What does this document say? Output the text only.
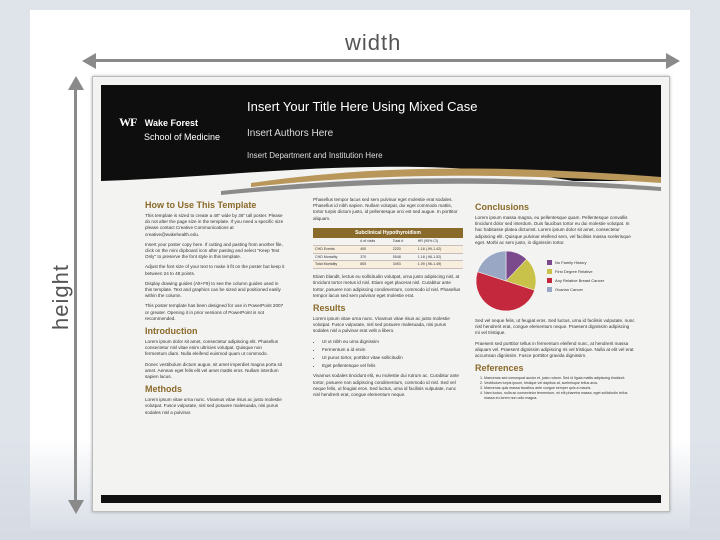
width
height
WF Wake Forest
School of Medicine
Insert Your Title Here Using Mixed Case
Insert Authors Here
Insert Department and Institution Here
How to Use This Template

This template is sized to create a 48" wide by 36" tall poster. Please do not alter the page size in the template. If you need a specific size please contact Creative Communications at creative@wakehealth.edu.

Insert your poster copy here. If cutting and pasting from another file, click on the mini clipboard icon after pasting and select "Keep Text Only" to preserve the font style in this template.

Adjust the font size of your text to make it fit on the poster but keep it between 24 to 48 points.

Display drawing guides (Alt+F9) to see the column guides used in this template. Text and graphics can be sized and positioned easily within the column.

This poster template has been designed for use in PowerPoint 2007 or greater. Opening it in prior versions of PowerPoint is not recommended.

Introduction

Lorem ipsum dolor sit amet, consectetur adipiscing elit. Phasellus consectetur nisl vitae enim ultricies volutpat. Quisque non fermentum diam. Nulla eleifend euismod quam ut commodo.

Donec vestibulum dictum augue, sit amet imperdiet magna porta sit amet. Aenean eget felis elit vel amet mattis eros. Nullam interdum sapien lacus.

Methods

Lorem ipsum vitae urna nunc. Vivamus vitae risus ac justo molestie volutpat. Fusce vulputate, nisl sed posuere malesuada, nisi purus sodales nisl a pulvinar.

Phasellus tempor lacus sed sem pulvinar eget molestie erat sodales. Phasellus id nibh sapien. Nullam volutpat, dui eget commodo mattis, tortor turpis dictum justo, id pellentesque orci est sed augue. In porttitor aliquam.

Subclinical Hypothyroidism
	# of visits	Total #	HR (95% CI)
CHD Events	400	2220	1.18 (.99-1.42)
CHD Mortality	370	5548	1.18 (.98-1.52)
Total Mortality	805	3493	1.09 (.96-1.49)

Etiam blandit, lectus eu sollicitudin volutpat, urna justo adipiscing nisl, at tincidunt tortor metus id nisl. Etiam eget placerat nisl. Curabitur ante tortor, posuere non adipiscing condimentum, commodo id nisl. Phasellus tempor lacus sed sem pulvinar eget molestie erat.

Results

Lorem ipsum vitae urna nunc. Vivamus vitae risus ac justo molestie volutpat. Fusce vulputate, nisl sed posuere malesuada, nisi purus sodales nisl a pulvinar erat velit a libero.

• Ut ut nibh eu urna dignissim
• Fermentum a id enim
• Ut purus tortor, porttitor vitae sollicitudin
• Eget pellentesque vel felis

Vivamus sodales tincidunt elit, eu molestie dui rutrum ac. Curabitur ante tortor, posuere non adipiscing condimentum, commodo id nisl. Sed vel neque felis, ut feugiat eros. Sed luctus, urna id facilisis vulputate, nunc nisl hendrerit erat, congue elementum neque.

Conclusions

Lorem ipsum massa magna, eu pellentesque quam. Pellentesque convallis tincidunt dolor sed interdum. Duis faucibus tortor eu dui molestie volutpat. In hac habitasse platea dictumst. Lorem ipsum dolor sit amet, consectetur adipiscing elit. Quisque pulvinar eleifend sem, vel facilisis massa scelerisque eget. Morbi ac sem justo, in dignissim tortor.

No Family History
First Degree Relative
Any Relative Breast Cancer
Ovarian Cancer

Sed vel neque felis, ut feugiat eros. Sed luctus, urna id facilisis vulputate, nunc nisl hendrerit erat, congue elementum neque. Praesent dignissim adipiscing mi vel tristique.

Praesent sed porttitor tellus in fermentum eleifend nunc, at hendrerit massa aliquam vel. Praesent dignissim adipiscing mi vel tristique. Nulla at elit vel erat accumsan dignissim. Fusce porttitor gravida dignissim.

References
1. Maecenas sed consequat auctor et, justo rutrum. Sed id ligula mattis adipiscing tincidunt.
2. Vestibulum turpis ipsum, tristique vel dapibus at, scelerisque tellus arcu.
3. Maecenas quis massa faucibus ante congue semper quis a mauris.
4. Nam luctus, nulla ac consectetur fermentum, mi elit pharetra massa, eget sollicitudin tellus massa eu lorem non odio magna.
